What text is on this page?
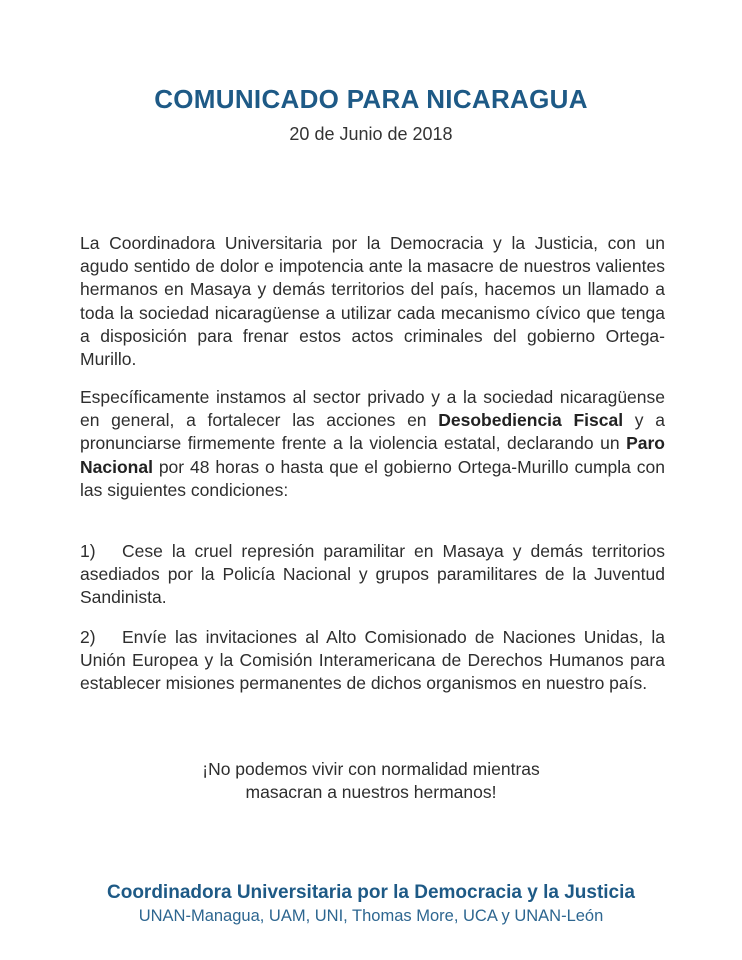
COMUNICADO PARA NICARAGUA
20 de Junio de 2018
La Coordinadora Universitaria por la Democracia y la Justicia, con un agudo sentido de dolor e impotencia ante la masacre de nuestros valientes hermanos en Masaya y demás territorios del país, hacemos un llamado a toda la sociedad nicaragüense a utilizar cada mecanismo cívico que tenga a disposición para frenar estos actos criminales del gobierno Ortega-Murillo.
Específicamente instamos al sector privado y a la sociedad nicaragüense en general, a fortalecer las acciones en Desobediencia Fiscal y a pronunciarse firmemente frente a la violencia estatal, declarando un Paro Nacional por 48 horas o hasta que el gobierno Ortega-Murillo cumpla con las siguientes condiciones:
1) Cese la cruel represión paramilitar en Masaya y demás territorios asediados por la Policía Nacional y grupos paramilitares de la Juventud Sandinista.
2) Envíe las invitaciones al Alto Comisionado de Naciones Unidas, la Unión Europea y la Comisión Interamericana de Derechos Humanos para establecer misiones permanentes de dichos organismos en nuestro país.
¡No podemos vivir con normalidad mientras
masacran a nuestros hermanos!
Coordinadora Universitaria por la Democracia y la Justicia
UNAN-Managua, UAM, UNI, Thomas More, UCA y UNAN-León
